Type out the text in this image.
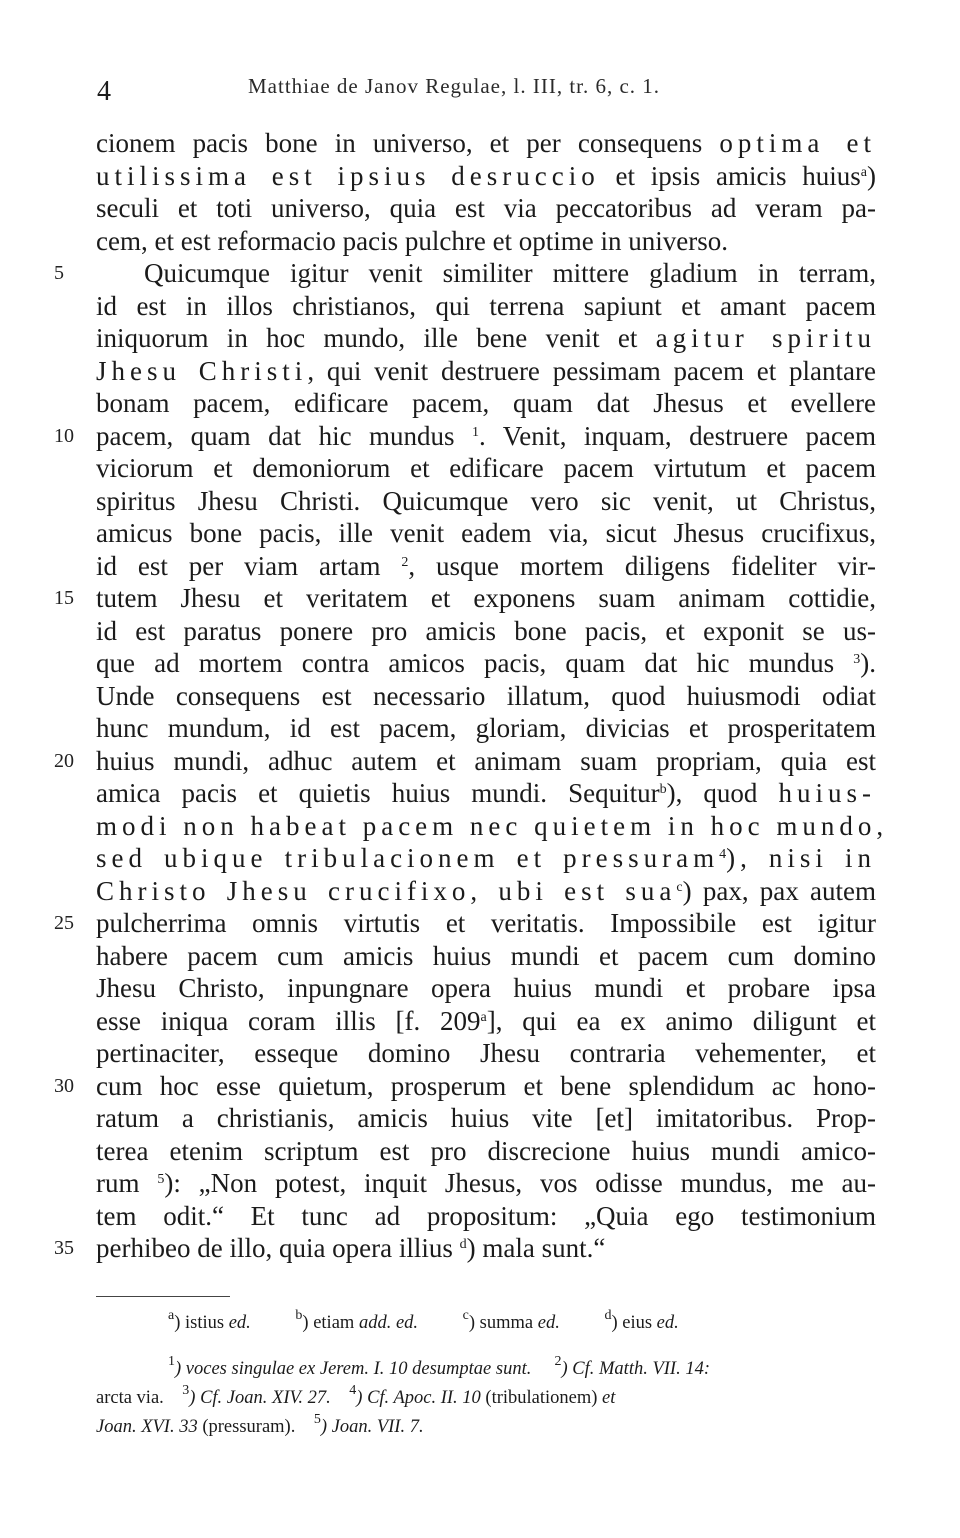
4	Matthiae de Janov Regulae, l. III, tr. 6, c. 1.
cionem pacis bone in universo, et per consequens optima et
utilissima est ipsius desruccio et ipsis amicis huius$^a$)
seculi et toti universo, quia est via peccatoribus ad veram pa-
cem, et est reformacio pacis pulchre et optime in universo.
5	Quicumque igitur venit similiter mittere gladium in terram,
id est in illos christianos, qui terrena sapiunt et amant pacem
iniquorum in hoc mundo, ille bene venit et agitur spiritu
Jhesu Christi, qui venit destruere pessimam pacem et plantare
bonam pacem, edificare pacem, quam dat Jhesus et evellere
10 pacem, quam dat hic mundus $^1$. Venit, inquam, destruere pacem
viciorum et demoniorum et edificare pacem virtutum et pacem
spiritus Jhesu Christi. Quicumque vero sic venit, ut Christus,
amicus bone pacis, ille venit eadem via, sicut Jhesus crucifixus,
id est per viam artam $^2$, usque mortem diligens fideliter vir-
15 tutem Jhesu et veritatem et exponens suam animam cottidie,
id est paratus ponere pro amicis bone pacis, et exponit se us-
que ad mortem contra amicos pacis, quam dat hic mundus $^3$).
Unde consequens est necessario illatum, quod huiusmodi odiat
hunc mundum, id est pacem, gloriam, divicias et prosperitatem
20 huius mundi, adhuc autem et animam suam propriam, quia est
amica pacis et quietis huius mundi. Sequitur$^b$), quod huius-
modi non habeat pacem nec quietem in hoc mundo,
sed ubique tribulacionem et pressuram$^4$), nisi in
Christo Jhesu crucifixo, ubi est sua$^c$) pax, pax autem
25 pulcherrima omnis virtutis et veritatis. Impossibile est igitur
habere pacem cum amicis huius mundi et pacem cum domino
Jhesu Christo, inpungnare opera huius mundi et probare ipsa
esse iniqua coram illis [f. 209$^a$], qui ea ex animo diligunt et
pertinaciter, esseque domino Jhesu contraria vehementer, et
30 cum hoc esse quietum, prosperum et bene splendidum ac hono-
ratum a christianis, amicis huius vite [et] imitatoribus. Prop-
terea etenim scriptum est pro discrecione huius mundi amico-
rum $^5$): „Non potest, inquit Jhesus, vos odisse mundus, me au-
tem odit.“ Et tunc ad propositum: „Quia ego testimonium
35 perhibeo de illo, quia opera illius $^d$) mala sunt.“
$^a$) istius ed.	$^b$) etiam add. ed.	$^c$) summa ed.	$^d$) eius ed.
$^1$) voces singulae ex Jerem. I. 10 desumptae sunt. $^2$) Cf. Matth. VII. 14:
arcta via. $^3$) Cf. Joan. XIV. 27. $^4$) Cf. Apoc. II. 10 (tribulationem) et
Joan. XVI. 33 (pressuram). $^5$) Joan. VII. 7.
